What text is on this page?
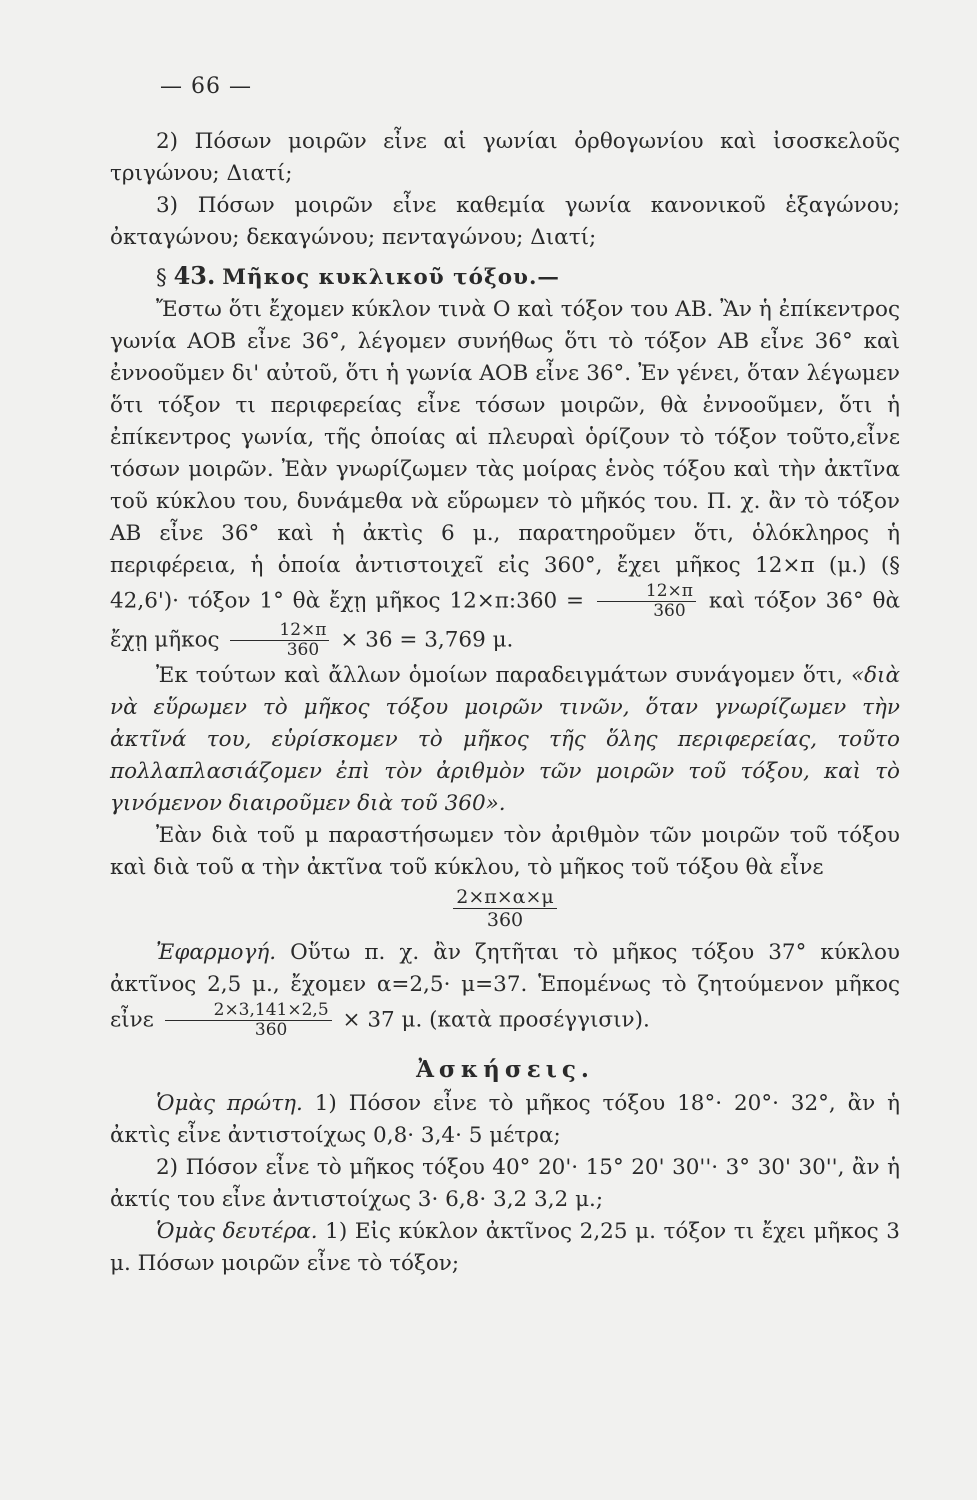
— 66 —

2) Πόσων μοιρῶν εἶνε αἱ γωνίαι ὀρθογωνίου καὶ ἰσοσκελοῦς τριγώνου; Διατί;

3) Πόσων μοιρῶν εἶνε καθεμία γωνία κανονικοῦ ἑξαγώνου; ὀκταγώνου; δεκαγώνου; πενταγώνου; Διατί;

§ 43. Μῆκος κυκλικοῦ τόξου.—

Ἔστω ὅτι ἔχομεν κύκλον τινὰ Ο καὶ τόξον του ΑΒ. Ἂν ἡ ἐπίκεντρος γωνία ΑΟΒ εἶνε 36°, λέγομεν συνήθως ὅτι τὸ τόξον ΑΒ εἶνε 36° καὶ ἐννοοῦμεν δι' αὐτοῦ, ὅτι ἡ γωνία ΑΟΒ εἶνε 36°. Ἐν γένει, ὅταν λέγωμεν ὅτι τόξον τι περιφερείας εἶνε τόσων μοιρῶν, θὰ ἐννοοῦμεν, ὅτι ἡ ἐπίκεντρος γωνία, τῆς ὁποίας αἱ πλευραὶ ὁρίζουν τὸ τόξον τοῦτο,εἶνε τόσων μοιρῶν. Ἐὰν γνωρίζωμεν τὰς μοίρας ἑνὸς τόξου καὶ τὴν ἀκτῖνα τοῦ κύκλου του, δυνάμεθα νὰ εὕρωμεν τὸ μῆκός του. Π. χ. ἂν τὸ τόξον ΑΒ εἶνε 36° καὶ ἡ ἀκτὶς 6 μ., παρατηροῦμεν ὅτι, ὁλόκληρος ἡ περιφέρεια, ἡ ὁποία ἀντιστοιχεῖ εἰς 360°, ἔχει μῆκος 12×π (μ.) (§ 42,6')· τόξον 1° θὰ ἔχῃ μῆκος 12×π:360 = $\frac{12\times\pi}{360}$ καὶ τόξον 36° θὰ ἔχῃ μῆκος $\frac{12\times\pi}{360} \times 36 = 3,769$ μ.

Ἐκ τούτων καὶ ἄλλων ὁμοίων παραδειγμάτων συνάγομεν ὅτι, «διὰ νὰ εὕρωμεν τὸ μῆκος τόξου μοιρῶν τινῶν, ὅταν γνωρίζωμεν τὴν ἀκτῖνά του, εὑρίσκομεν τὸ μῆκος τῆς ὅλης περιφερείας, τοῦτο πολλαπλασιάζομεν ἐπὶ τὸν ἀριθμὸν τῶν μοιρῶν τοῦ τόξου, καὶ τὸ γινόμενον διαιροῦμεν διὰ τοῦ 360».

Ἐὰν διὰ τοῦ μ παραστήσωμεν τὸν ἀριθμὸν τῶν μοιρῶν τοῦ τόξου καὶ διὰ τοῦ α τὴν ἀκτῖνα τοῦ κύκλου, τὸ μῆκος τοῦ τόξου θὰ εἶνε

$\frac{2\times\pi\times\alpha\times\mu}{360}$

Ἐφαρμογή. Οὕτω π. χ. ἂν ζητῆται τὸ μῆκος τόξου 37° κύκλου ἀκτῖνος 2,5 μ., ἔχομεν α=2,5· μ=37. Ἑπομένως τὸ ζητούμενον μῆκος εἶνε $\frac{2\times 3,141\times 2,5}{360} \times 37$ μ. (κατὰ προσέγγισιν).

Ἀσκήσεις.

Ὁμὰς πρώτη. 1) Πόσον εἶνε τὸ μῆκος τόξου 18°· 20°· 32°, ἂν ἡ ἀκτὶς εἶνε ἀντιστοίχως 0,8· 3,4· 5 μέτρα;

2) Πόσον εἶνε τὸ μῆκος τόξου 40° 20'· 15° 20' 30''· 3° 30' 30'', ἂν ἡ ἀκτίς του εἶνε ἀντιστοίχως 3· 6,8· 3,2 3,2 μ.;

Ὁμὰς δευτέρα. 1) Εἰς κύκλον ἀκτῖνος 2,25 μ. τόξον τι ἔχει μῆκος 3 μ. Πόσων μοιρῶν εἶνε τὸ τόξον;
